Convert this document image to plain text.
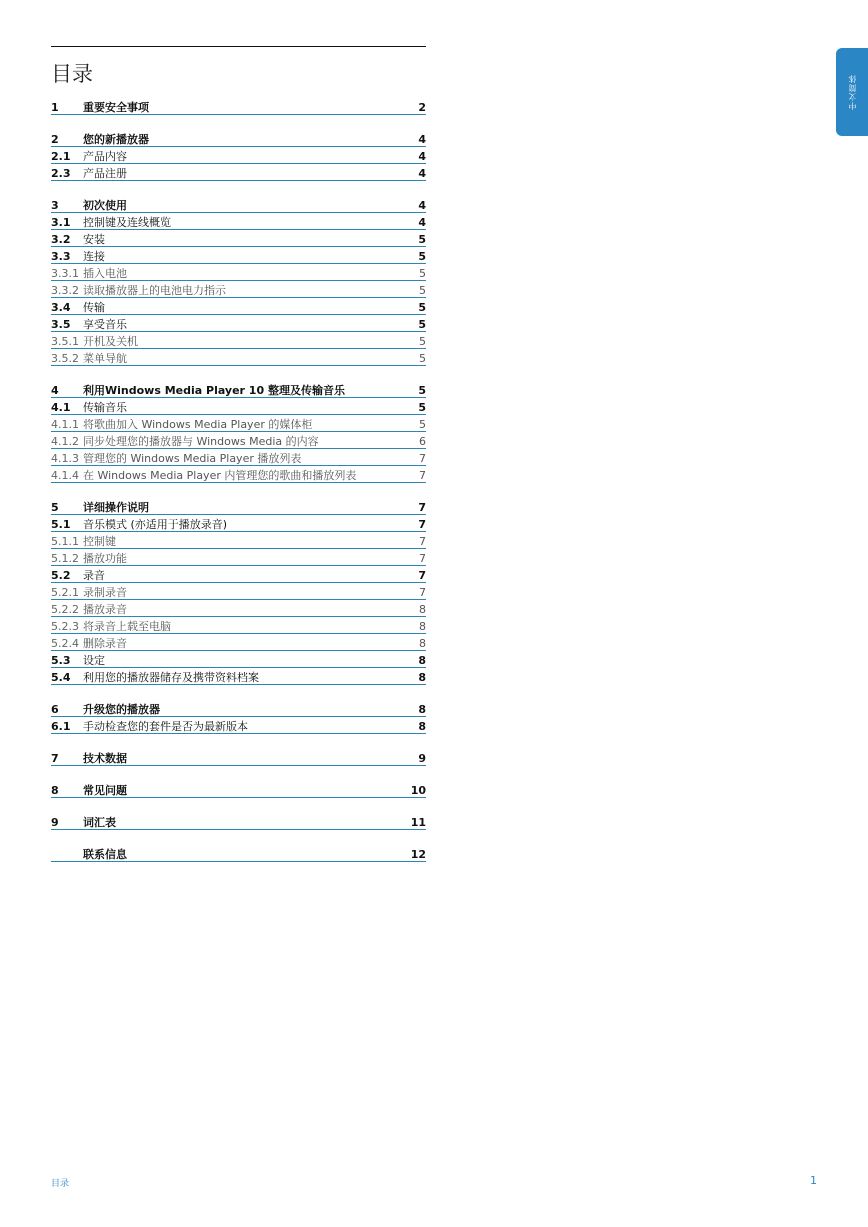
目录
1	重要安全事项	2
2	您的新播放器	4
2.1	产品内容	4
2.3	产品注册	4
3	初次使用	4
3.1	控制键及连线概览	4
3.2	安装	5
3.3	连接	5
3.3.1 插入电池	5
3.3.2 读取播放器上的电池电力指示	5
3.4	传输	5
3.5	享受音乐	5
3.5.1 开机及关机	5
3.5.2 菜单导航	5
4	利用Windows Media Player 10 整理及传输音乐	5
4.1	传输音乐	5
4.1.1 将歌曲加入 Windows Media Player 的媒体柜	5
4.1.2 同步处理您的播放器与 Windows Media 的内容	6
4.1.3 管理您的 Windows Media Player 播放列表	7
4.1.4 在 Windows Media Player 内管理您的歌曲和播放列表	7
5	详细操作说明	7
5.1	音乐模式 (亦适用于播放录音)	7
5.1.1 控制键	7
5.1.2 播放功能	7
5.2	录音	7
5.2.1 录制录音	7
5.2.2 播放录音	8
5.2.3 将录音上载至电脑	8
5.2.4 删除录音	8
5.3	设定	8
5.4	利用您的播放器储存及携带资料档案	8
6	升级您的播放器	8
6.1	手动检查您的套件是否为最新版本	8
7	技术数据	9
8	常见问题	10
9	词汇表	11
联系信息	12
中文简体
目录	1
